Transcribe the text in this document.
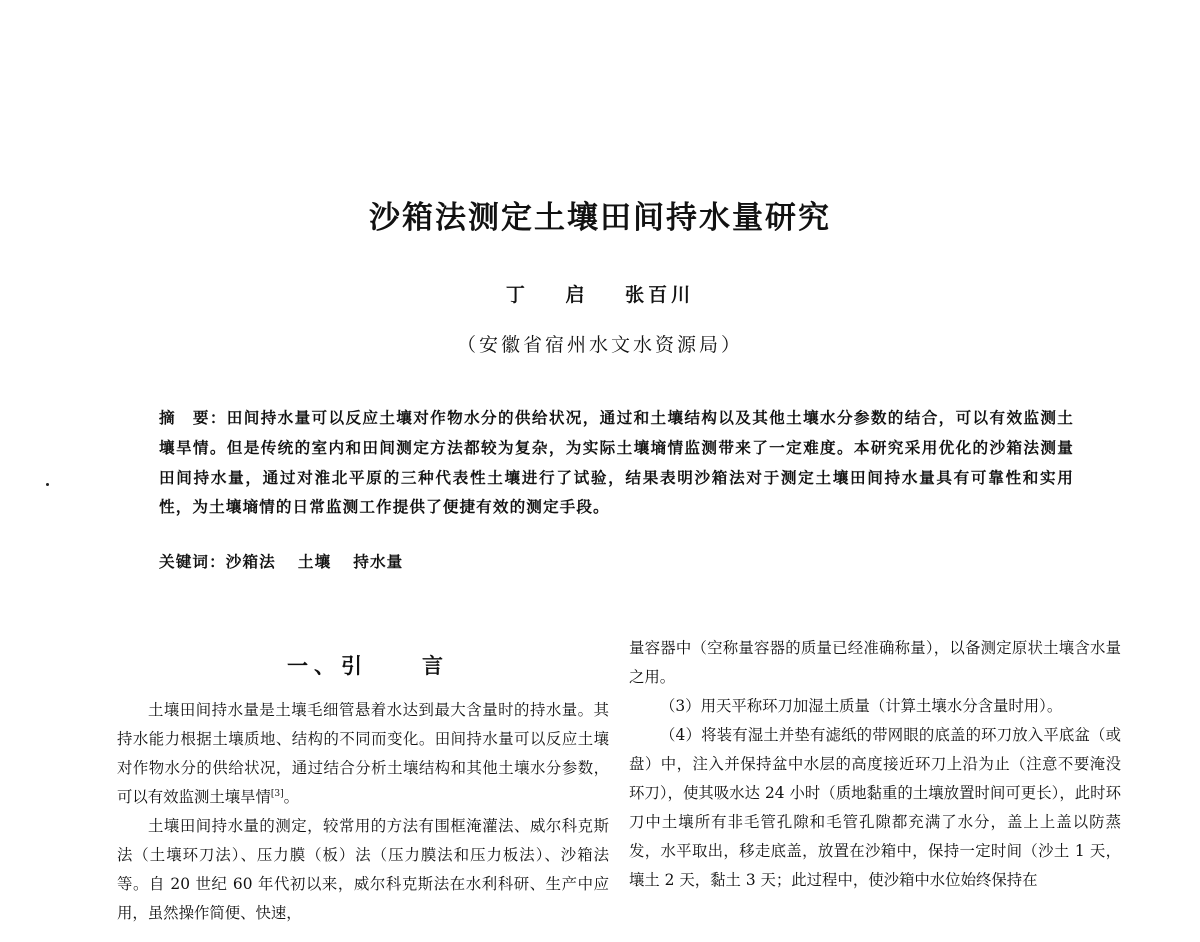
沙箱法测定土壤田间持水量研究
丁 启 张百川
（安徽省宿州水文水资源局）

摘　要：田间持水量可以反应土壤对作物水分的供给状况，通过和土壤结构以及其他土壤水分参数的结合，可以有效监测土壤旱情。但是传统的室内和田间测定方法都较为复杂，为实际土壤墒情监测带来了一定难度。本研究采用优化的沙箱法测量田间持水量，通过对淮北平原的三种代表性土壤进行了试验，结果表明沙箱法对于测定土壤田间持水量具有可靠性和实用性，为土壤墒情的日常监测工作提供了便捷有效的测定手段。

关键词：沙箱法 土壤 持水量

一、引　　言

土壤田间持水量是土壤毛细管悬着水达到最大含量时的持水量。其持水能力根据土壤质地、结构的不同而变化。田间持水量可以反应土壤对作物水分的供给状况，通过结合分析土壤结构和其他土壤水分参数，可以有效监测土壤旱情[3]。

土壤田间持水量的测定，较常用的方法有围框淹灌法、威尔科克斯法（土壤环刀法）、压力膜（板）法（压力膜法和压力板法）、沙箱法等。自 20 世纪 60 年代初以来，威尔科克斯法在水利科研、生产中应用，虽然操作简便、快速，

量容器中（空称量容器的质量已经准确称量），以备测定原状土壤含水量之用。

（3）用天平称环刀加湿土质量（计算土壤水分含量时用）。

（4）将装有湿土并垫有滤纸的带网眼的底盖的环刀放入平底盆（或盘）中，注入并保持盆中水层的高度接近环刀上沿为止（注意不要淹没环刀），使其吸水达 24 小时（质地黏重的土壤放置时间可更长），此时环刀中土壤所有非毛管孔隙和毛管孔隙都充满了水分，盖上上盖以防蒸发，水平取出，移走底盖，放置在沙箱中，保持一定时间（沙土 1 天，壤土 2 天，黏土 3 天；此过程中，使沙箱中水位始终保持在
